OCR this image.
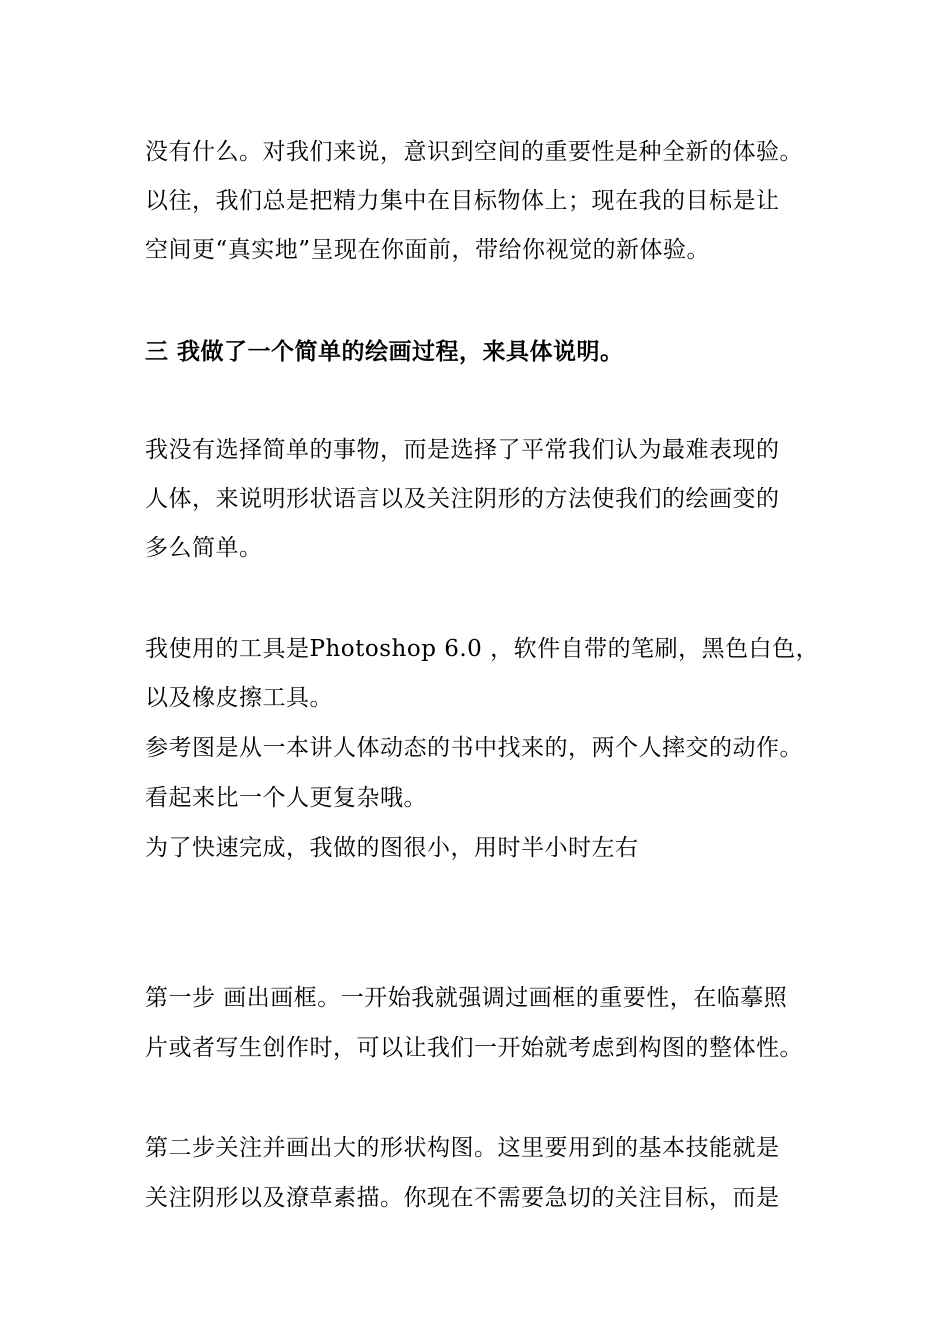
没有什么。对我们来说，意识到空间的重要性是种全新的体验。

以往，我们总是把精力集中在目标物体上；现在我的目标是让

空间更“真实地”呈现在你面前，带给你视觉的新体验。

三 我做了一个简单的绘画过程，来具体说明。

我没有选择简单的事物，而是选择了平常我们认为最难表现的

人体，来说明形状语言以及关注阴形的方法使我们的绘画变的

多么简单。

我使用的工具是Photoshop 6.0 ，软件自带的笔刷，黑色白色，

以及橡皮擦工具。

参考图是从一本讲人体动态的书中找来的，两个人摔交的动作。

看起来比一个人更复杂哦。

为了快速完成，我做的图很小，用时半小时左右

第一步 画出画框。一开始我就强调过画框的重要性，在临摹照

片或者写生创作时，可以让我们一开始就考虑到构图的整体性。

第二步关注并画出大的形状构图。这里要用到的基本技能就是

关注阴形以及潦草素描。你现在不需要急切的关注目标，而是
